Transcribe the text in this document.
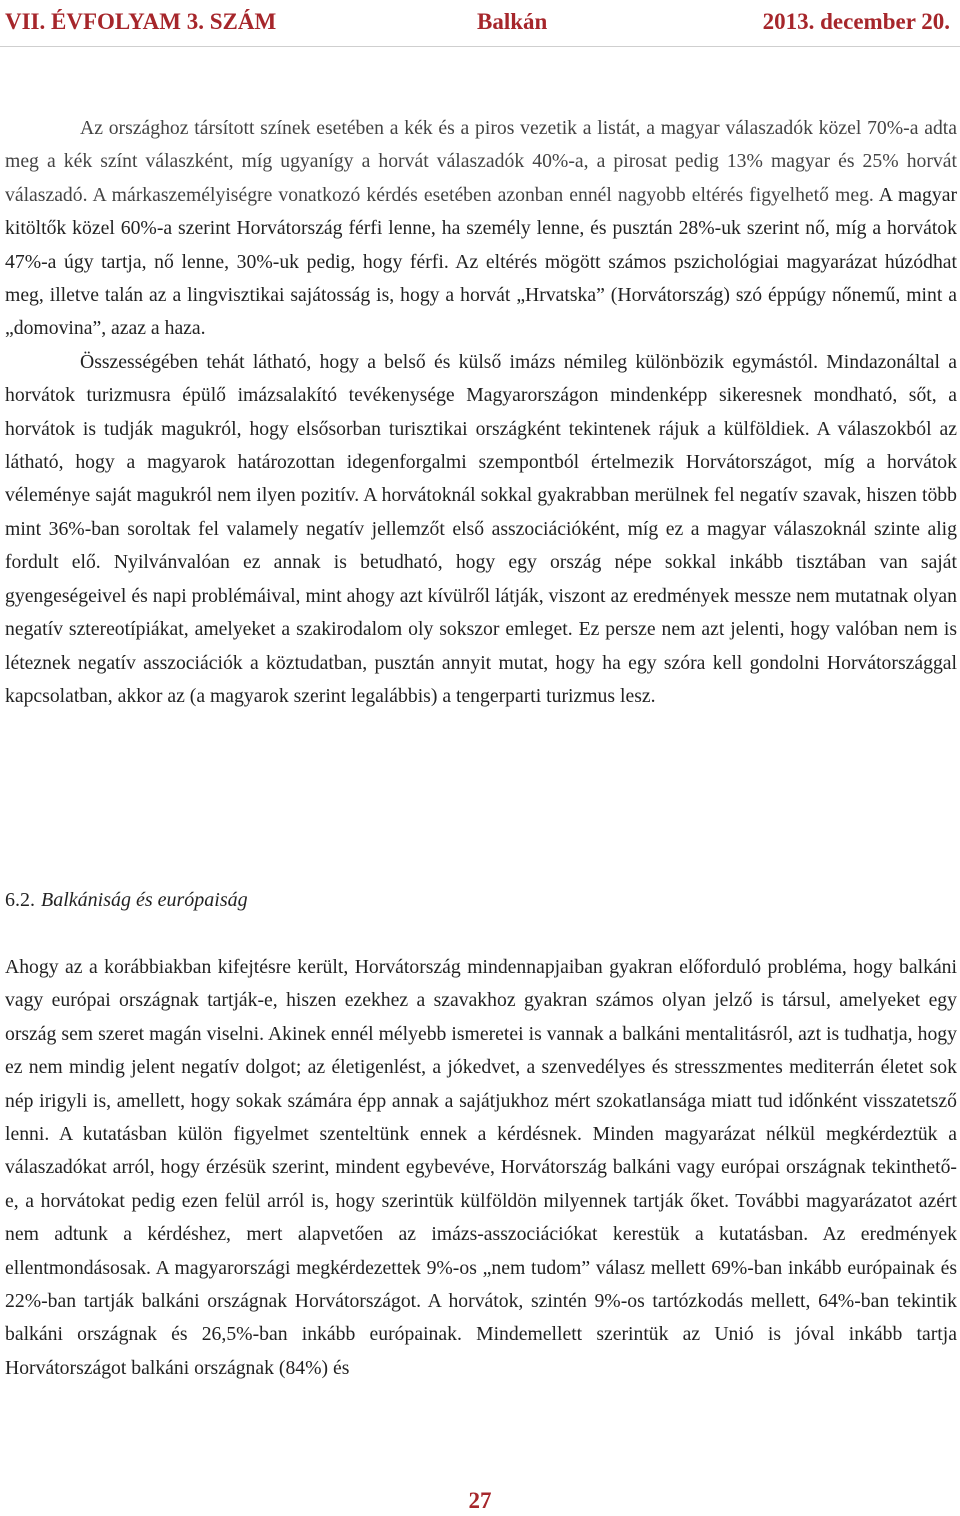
VII. ÉVFOLYAM 3. SZÁM	Balkán	2013. december 20.

Az országhoz társított színek esetében a kék és a piros vezetik a listát, a magyar válaszadók közel 70%-a adta meg a kék színt válaszként, míg ugyanígy a horvát válaszadók 40%-a, a pirosat pedig 13% magyar és 25% horvát válaszadó. A márkaszemélyiségre vonatkozó kérdés esetében azonban ennél nagyobb eltérés figyelhető meg. A magyar kitöltők közel 60%-a szerint Horvátország férfi lenne, ha személy lenne, és pusztán 28%-uk szerint nő, míg a horvátok 47%-a úgy tartja, nő lenne, 30%-uk pedig, hogy férfi. Az eltérés mögött számos pszichológiai magyarázat húzódhat meg, illetve talán az a lingvisztikai sajátosság is, hogy a horvát „Hrvatska” (Horvátország) szó éppúgy nőnemű, mint a „domovina”, azaz a haza.

Összességében tehát látható, hogy a belső és külső imázs némileg különbözik egymástól. Mindazonáltal a horvátok turizmusra épülő imázsalakító tevékenysége Magyarországon mindenképp sikeresnek mondható, sőt, a horvátok is tudják magukról, hogy elsősorban turisztikai országként tekintenek rájuk a külföldiek. A válaszokból az látható, hogy a magyarok határozottan idegenforgalmi szempontból értelmezik Horvátországot, míg a horvátok véleménye saját magukról nem ilyen pozitív. A horvátoknál sokkal gyakrabban merülnek fel negatív szavak, hiszen több mint 36%-ban soroltak fel valamely negatív jellemzőt első asszociációként, míg ez a magyar válaszoknál szinte alig fordult elő. Nyilvánvalóan ez annak is betudható, hogy egy ország népe sokkal inkább tisztában van saját gyengeségeivel és napi problémáival, mint ahogy azt kívülről látják, viszont az eredmények messze nem mutatnak olyan negatív sztereotípiákat, amelyeket a szakirodalom oly sokszor emleget. Ez persze nem azt jelenti, hogy valóban nem is léteznek negatív asszociációk a köztudatban, pusztán annyit mutat, hogy ha egy szóra kell gondolni Horvátországgal kapcsolatban, akkor az (a magyarok szerint legalábbis) a tengerparti turizmus lesz.

6.2. Balkániság és európaiság

Ahogy az a korábbiakban kifejtésre került, Horvátország mindennapjaiban gyakran előforduló probléma, hogy balkáni vagy európai országnak tartják-e, hiszen ezekhez a szavakhoz gyakran számos olyan jelző is társul, amelyeket egy ország sem szeret magán viselni. Akinek ennél mélyebb ismeretei is vannak a balkáni mentalitásról, azt is tudhatja, hogy ez nem mindig jelent negatív dolgot; az életigenlést, a jókedvet, a szenvedélyes és stresszmentes mediterrán életet sok nép irigyli is, amellett, hogy sokak számára épp annak a sajátjukhoz mért szokatlansága miatt tud időnként visszatetsző lenni. A kutatásban külön figyelmet szenteltünk ennek a kérdésnek. Minden magyarázat nélkül megkérdeztük a válaszadókat arról, hogy érzésük szerint, mindent egybevéve, Horvátország balkáni vagy európai országnak tekinthető-e, a horvátokat pedig ezen felül arról is, hogy szerintük külföldön milyennek tartják őket. További magyarázatot azért nem adtunk a kérdéshez, mert alapvetően az imázs-asszociációkat kerestük a kutatásban. Az eredmények ellentmondásosak. A magyarországi megkérdezettek 9%-os „nem tudom” válasz mellett 69%-ban inkább európainak és 22%-ban tartják balkáni országnak Horvátországot. A horvátok, szintén 9%-os tartózkodás mellett, 64%-ban tekintik balkáni országnak és 26,5%-ban inkább európainak. Mindemellett szerintük az Unió is jóval inkább tartja Horvátországot balkáni országnak (84%) és

27
